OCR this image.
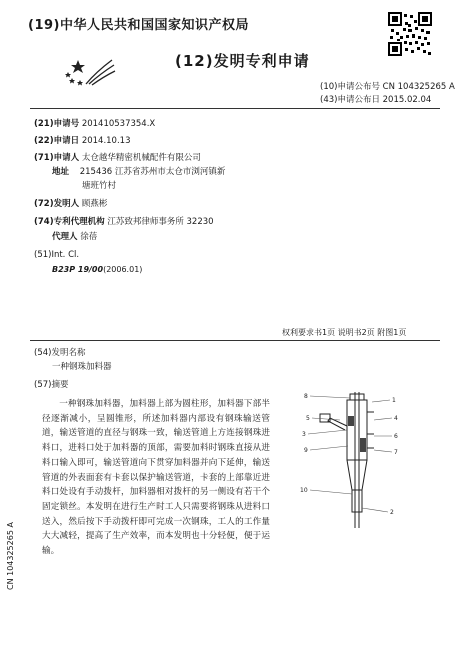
(19)中华人民共和国国家知识产权局
(12)发明专利申请
(10)申请公布号 CN 104325265 A
(43)申请公布日 2015.02.04
(21)申请号 201410537354.X
(22)申请日 2014.10.13
(71)申请人 太仓越华精密机械配件有限公司
地址 215436 江苏省苏州市太仓市浏河镇新
塘班竹村
(72)发明人 顾燕彬
(74)专利代理机构 江苏致邦律师事务所 32230
代理人 徐蓓
(51)Int. Cl.
B23P 19/00(2006.01)
权利要求书1页 说明书2页 附图1页
(54)发明名称
一种钢珠加料器
(57)摘要
一种钢珠加料器，加料器上部为圆柱形，加料器下部半径逐渐减小，呈圆锥形，所述加料器内部设有钢珠输送管道，输送管道的直径与钢珠一致，输送管道上方连接钢珠进料口，进料口处于加料器的顶部，需要加料时钢珠直接从进料口输入即可，输送管道向下贯穿加料器并向下延伸，输送管道的外表面套有卡套以保护输送管道，卡套的上部靠近进料口处设有手动拨杆，加料器相对拨杆的另一侧设有若干个固定锁丝。本发明在进行生产时工人只需要将钢珠从进料口送入，然后按下手动拨杆即可完成一次钢珠，工人的工作量大大减轻，提高了生产效率，而本发明也十分轻便，便于运输。
8
1
5
3
4
6
7
9
10
2
CN 104325265 A
